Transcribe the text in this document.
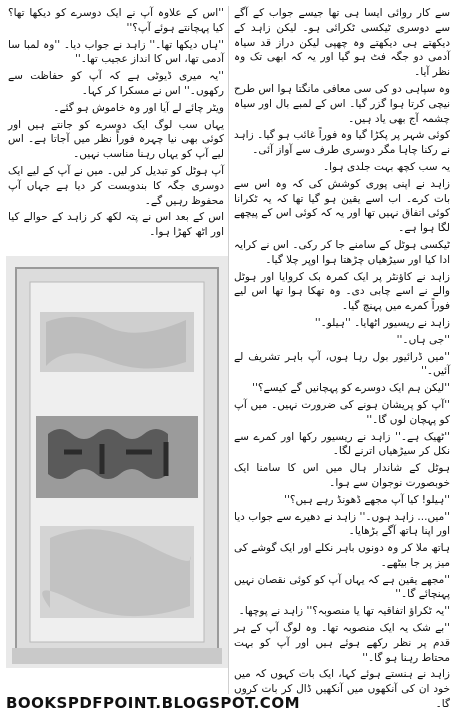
سے کار روائی ایسا ہی تھا جیسے جواب کے آگے سے دوسری ٹیکسی ٹکرائی ہو۔ لیکن زاہد کے دیکھتے ہی دیکھتے وہ چھپی لیکن دراز قد سیاہ آدمی دو جگہ فٹ ہو گیا اور یہ کہ ابھی تک وہ نظر آیا۔

وہ سپاہی دو کی سی معافی مانگتا ہوا اس طرح نیچی کرتا ہوا گزر گیا۔ اس کے لمبے بال اور سیاہ چشمہ آج بھی یاد ہیں۔

کوئی شہر پر پکڑا گیا وہ فوراً غائب ہو گیا۔ زاہد نے رکنا چاہا مگر دوسری طرف سے آواز آئی۔

یہ سب کچھ بہت جلدی ہوا۔

زاہد نے اپنی پوری کوشش کی کہ وہ اس سے بات کرے۔ اب اسے یقین ہو گیا تھا کہ یہ ٹکرانا کوئی اتفاق نہیں تھا اور یہ کہ کوئی اس کے پیچھے لگا ہوا ہے۔

ٹیکسی ہوٹل کے سامنے جا کر رکی۔ اس نے کرایہ ادا کیا اور سیڑھیاں چڑھتا ہوا اوپر چلا گیا۔

زاہد نے کاؤنٹر پر ایک کمرہ بک کروایا اور ہوٹل والے نے اسے چابی دی۔ وہ تھکا ہوا تھا اس لیے فوراً کمرے میں پہنچ گیا۔

زاہد نے ریسیور اٹھایا۔ ''ہیلو۔''

''جی ہاں۔''

''میں ڈرائیور بول رہا ہوں، آپ باہر تشریف لے آئیں۔''

''لیکن ہم ایک دوسرے کو پہچانیں گے کیسے؟''

''آپ کو پریشان ہونے کی ضرورت نہیں۔ میں آپ کو پہچان لوں گا۔''

''ٹھیک ہے۔'' زاہد نے ریسیور رکھا اور کمرے سے نکل کر سیڑھیاں اترنے لگا۔

ہوٹل کے شاندار ہال میں اس کا سامنا ایک خوبصورت نوجوان سے ہوا۔

''ہیلو! کیا آپ مجھے ڈھونڈ رہے ہیں؟''

''میں... زاہد ہوں۔'' زاہد نے دھیرے سے جواب دیا اور اپنا ہاتھ آگے بڑھایا۔

ہاتھ ملا کر وہ دونوں باہر نکلے اور ایک گوشے کی میز پر جا بیٹھے۔

''مجھے یقین ہے کہ یہاں آپ کو کوئی نقصان نہیں پہنچائے گا۔''

''یہ ٹکراؤ اتفاقیہ تھا یا منصوبہ؟'' زاہد نے پوچھا۔

''بے شک یہ ایک منصوبہ تھا۔ وہ لوگ آپ کے ہر قدم پر نظر رکھے ہوئے ہیں اور آپ کو بہت محتاط رہنا ہو گا۔''

زاہد نے ہنستے ہوئے کہا، ایک بات کہوں کہ میں خود ان کی آنکھوں میں آنکھیں ڈال کر بات کروں گا۔

''اس کے علاوہ آپ نے ایک دوسرے کو دیکھا تھا؟ کیا پہچانتے ہوئے آپ؟''

''ہاں دیکھا تھا۔'' زاہد نے جواب دیا۔ ''وہ لمبا سا آدمی تھا، اس کا انداز عجیب تھا۔''

''یہ میری ڈیوٹی ہے کہ آپ کو حفاظت سے رکھوں۔'' اس نے مسکرا کر کہا۔

ویٹر چائے لے آیا اور وہ خاموش ہو گئے۔

یہاں سب لوگ ایک دوسرے کو جانتے ہیں اور کوئی بھی نیا چہرہ فوراً نظر میں آجاتا ہے۔ اس لیے آپ کو یہاں رہنا مناسب نہیں۔

آپ ہوٹل کو تبدیل کر لیں۔ میں نے آپ کے لیے ایک دوسری جگہ کا بندوبست کر دیا ہے جہاں آپ محفوظ رہیں گے۔

اس کے بعد اس نے پتہ لکھ کر زاہد کے حوالے کیا اور اٹھ کھڑا ہوا۔

BOOKSPDFPOINT.BLOGSPOT.COM
